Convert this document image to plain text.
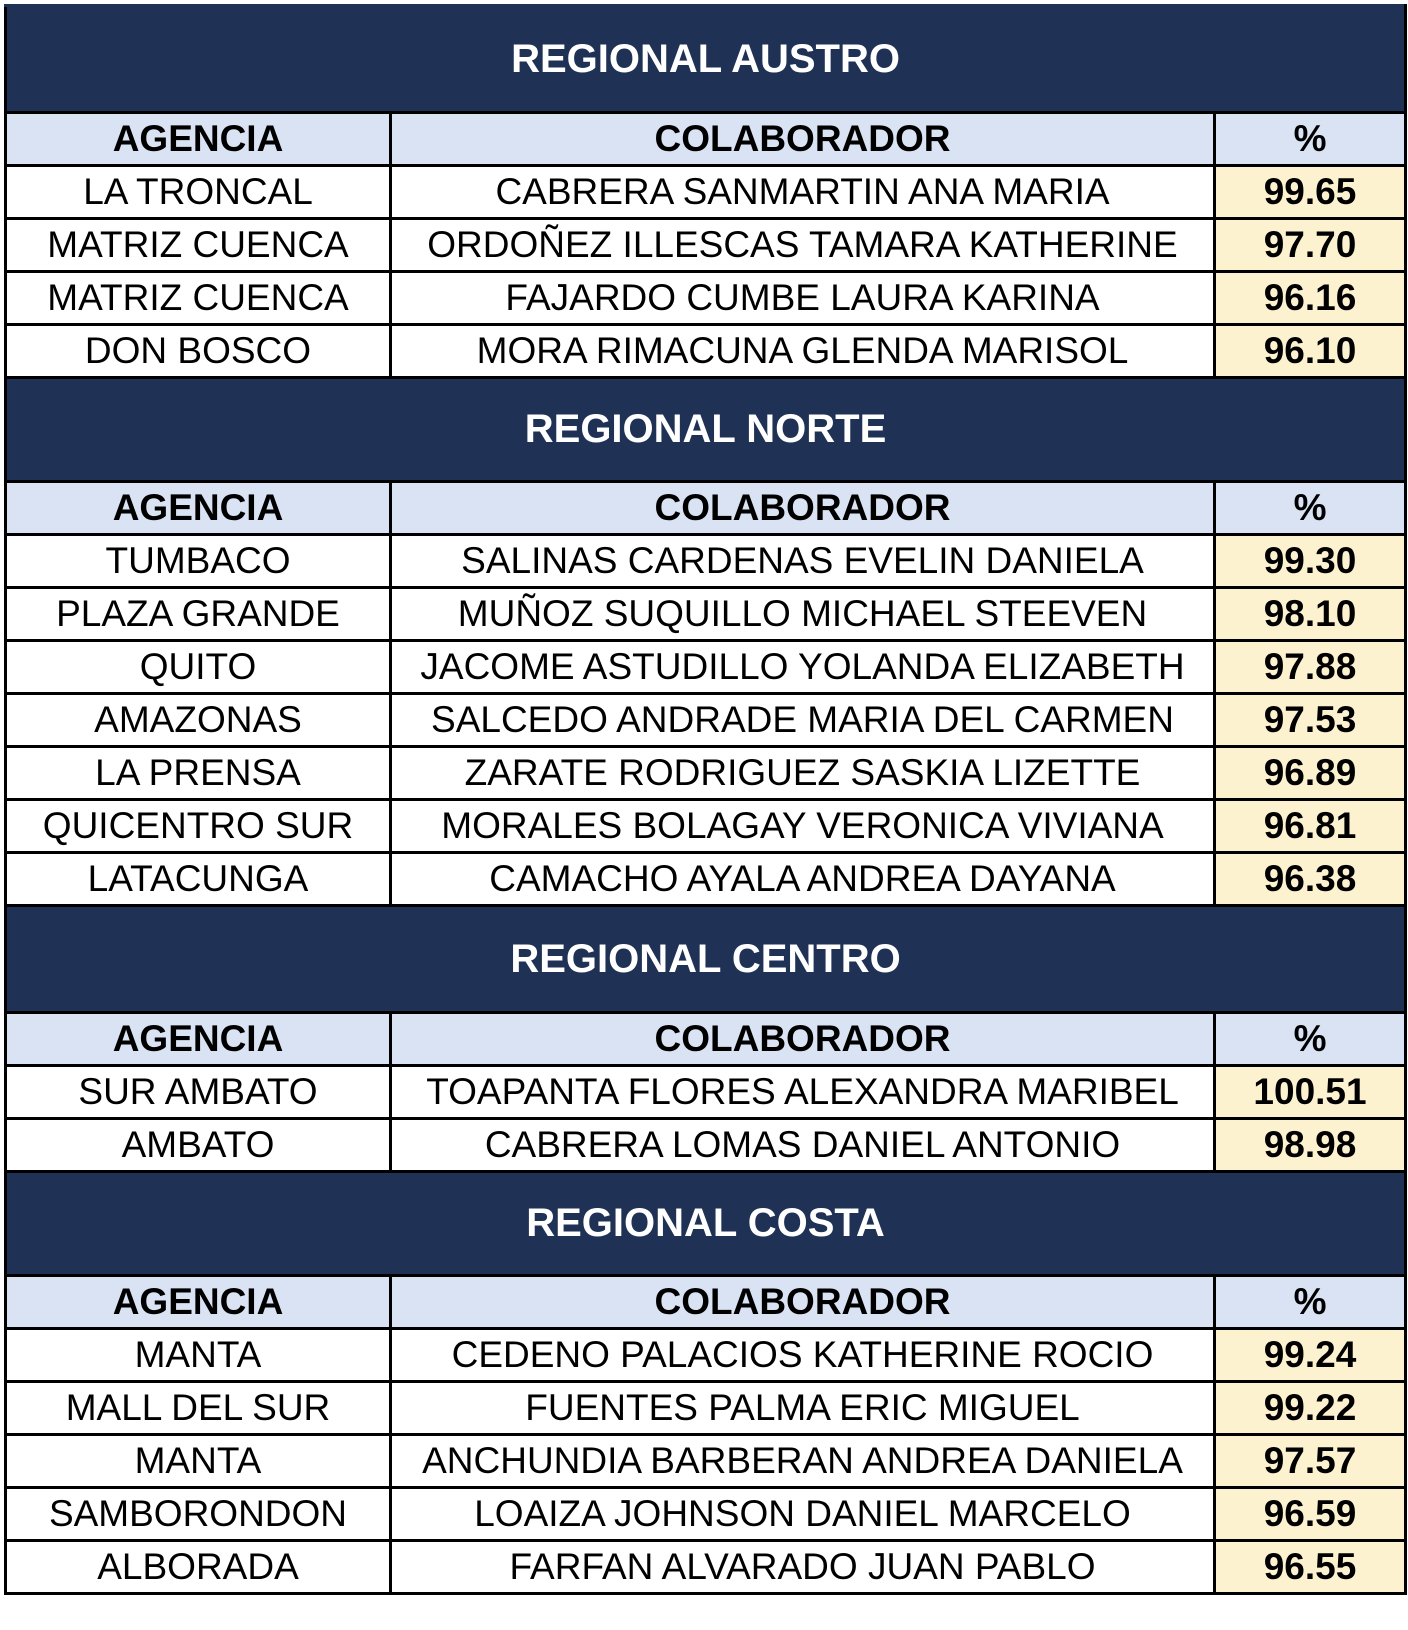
REGIONAL AUSTRO		
AGENCIA	COLABORADOR	%
LA TRONCAL	CABRERA SANMARTIN ANA MARIA	99.65
MATRIZ CUENCA	ORDOÑEZ ILLESCAS TAMARA KATHERINE	97.70
MATRIZ CUENCA	FAJARDO CUMBE LAURA KARINA	96.16
DON BOSCO	MORA RIMACUNA GLENDA MARISOL	96.10
REGIONAL NORTE		
AGENCIA	COLABORADOR	%
TUMBACO	SALINAS CARDENAS EVELIN DANIELA	99.30
PLAZA GRANDE	MUÑOZ SUQUILLO MICHAEL STEEVEN	98.10
QUITO	JACOME ASTUDILLO YOLANDA ELIZABETH	97.88
AMAZONAS	SALCEDO ANDRADE MARIA DEL CARMEN	97.53
LA PRENSA	ZARATE RODRIGUEZ SASKIA LIZETTE	96.89
QUICENTRO SUR	MORALES BOLAGAY VERONICA VIVIANA	96.81
LATACUNGA	CAMACHO AYALA ANDREA DAYANA	96.38
REGIONAL CENTRO		
AGENCIA	COLABORADOR	%
SUR AMBATO	TOAPANTA FLORES ALEXANDRA MARIBEL	100.51
AMBATO	CABRERA LOMAS DANIEL ANTONIO	98.98
REGIONAL COSTA		
AGENCIA	COLABORADOR	%
MANTA	CEDENO PALACIOS KATHERINE ROCIO	99.24
MALL DEL SUR	FUENTES PALMA ERIC MIGUEL	99.22
MANTA	ANCHUNDIA BARBERAN ANDREA DANIELA	97.57
SAMBORONDON	LOAIZA JOHNSON DANIEL MARCELO	96.59
ALBORADA	FARFAN ALVARADO JUAN PABLO	96.55
